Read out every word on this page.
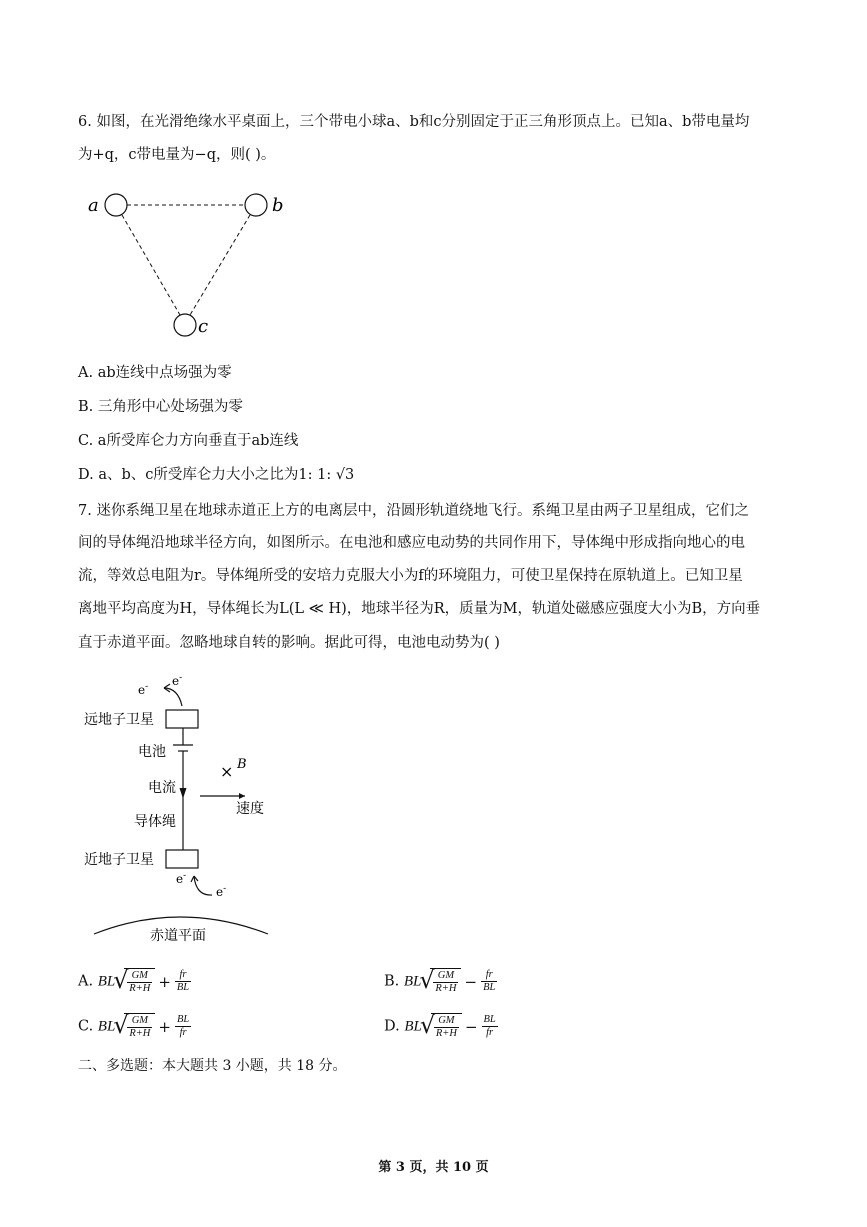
6. 如图，在光滑绝缘水平桌面上，三个带电小球a、b和c分别固定于正三角形顶点上。已知a、b带电量均
为+q，c带电量为−q，则( )。
a	b
c
A. ab连线中点场强为零
B. 三角形中心处场强为零
C. a所受库仑力方向垂直于ab连线
D. a、b、c所受库仑力大小之比为1: 1: √3
7. 迷你系绳卫星在地球赤道正上方的电离层中，沿圆形轨道绕地飞行。系绳卫星由两子卫星组成，它们之
间的导体绳沿地球半径方向，如图所示。在电池和感应电动势的共同作用下，导体绳中形成指向地心的电
流，等效总电阻为r。导体绳所受的安培力克服大小为f的环境阻力，可使卫星保持在原轨道上。已知卫星
离地平均高度为H，导体绳长为L(L ≪ H)，地球半径为R，质量为M，轨道处磁感应强度大小为B，方向垂
直于赤道平面。忽略地球自转的影响。据此可得，电池电动势为( )
e- e-
远地子卫星
电池
电流
导体绳
× B
速度
近地子卫星
e-
e-
赤道平面
A. BL √ $\frac{GM}{R+H} + \frac{fr}{BL}$	B. BL √ $\frac{GM}{R+H} - \frac{fr}{BL}$
C. BL √ $\frac{GM}{R+H} + \frac{BL}{fr}$	D. BL √ $\frac{GM}{R+H} - \frac{BL}{fr}$
二、多选题：本大题共 3 小题，共 18 分。
第 3 页，共 10 页
